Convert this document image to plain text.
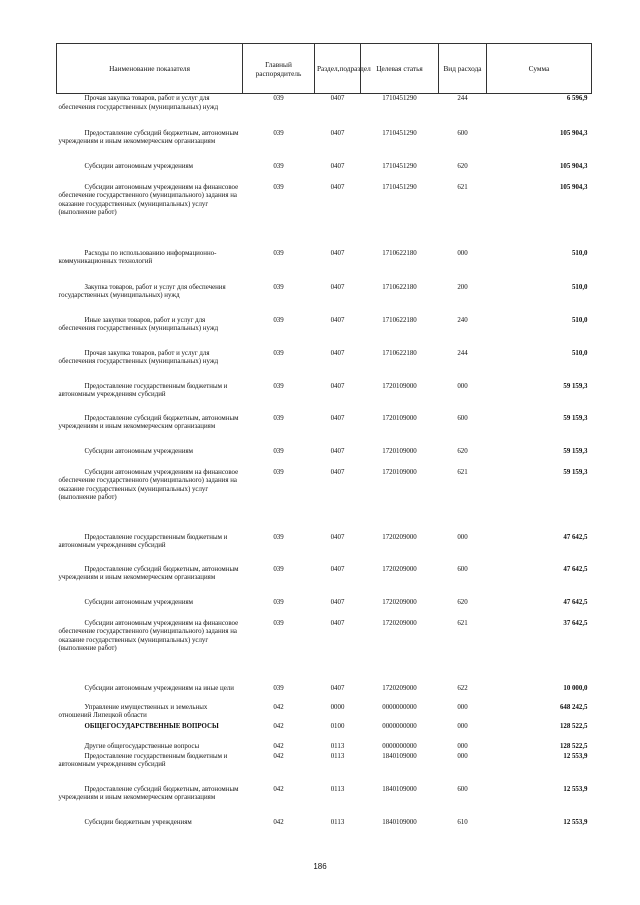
Наименование показателя	Главный распорядитель	Раздел,подраздел	Целевая статья	Вид расхода	Сумма
Прочая закупка товаров, работ и услуг для обеспечения государственных (муниципальных) нужд	039	0407	1710451290	244	6 596,9
Предоставление субсидий бюджетным, автономным учреждениям и иным некоммерческим организациям	039	0407	1710451290	600	105 904,3
Субсидии автономным учреждениям	039	0407	1710451290	620	105 904,3
Субсидии автономным учреждениям на финансовое обеспечение государственного (муниципального) задания на оказание государственных (муниципальных) услуг (выполнение работ)	039	0407	1710451290	621	105 904,3
Расходы по использованию информационно-коммуникационных технологий	039	0407	1710622180	000	510,0
Закупка товаров, работ и услуг для обеспечения государственных (муниципальных) нужд	039	0407	1710622180	200	510,0
Иные закупки товаров, работ и услуг для обеспечения государственных (муниципальных) нужд	039	0407	1710622180	240	510,0
Прочая закупка товаров, работ и услуг для обеспечения государственных (муниципальных) нужд	039	0407	1710622180	244	510,0
Предоставление государственным бюджетным и автономным учреждениям субсидий	039	0407	1720109000	000	59 159,3
Предоставление субсидий бюджетным, автономным учреждениям и иным некоммерческим организациям	039	0407	1720109000	600	59 159,3
Субсидии автономным учреждениям	039	0407	1720109000	620	59 159,3
Субсидии автономным учреждениям на финансовое обеспечение государственного (муниципального) задания на оказание государственных (муниципальных) услуг (выполнение работ)	039	0407	1720109000	621	59 159,3
Предоставление государственным бюджетным и автономным учреждениям субсидий	039	0407	1720209000	000	47 642,5
Предоставление субсидий бюджетным, автономным учреждениям и иным некоммерческим организациям	039	0407	1720209000	600	47 642,5
Субсидии автономным учреждениям	039	0407	1720209000	620	47 642,5
Субсидии автономным учреждениям на финансовое обеспечение государственного (муниципального) задания на оказание государственных (муниципальных) услуг (выполнение работ)	039	0407	1720209000	621	37 642,5
Субсидии автономным учреждениям на иные цели	039	0407	1720209000	622	10 000,0
Управление имущественных и земельных отношений Липецкой области	042	0000	0000000000	000	648 242,5
ОБЩЕГОСУДАРСТВЕННЫЕ ВОПРОСЫ	042	0100	0000000000	000	128 522,5
Другие общегосударственные вопросы	042	0113	0000000000	000	128 522,5
Предоставление государственным бюджетным и автономным учреждениям субсидий	042	0113	1840109000	000	12 553,9
Предоставление субсидий бюджетным, автономным учреждениям и иным некоммерческим организациям	042	0113	1840109000	600	12 553,9
Субсидии бюджетным учреждениям	042	0113	1840109000	610	12 553,9
186
